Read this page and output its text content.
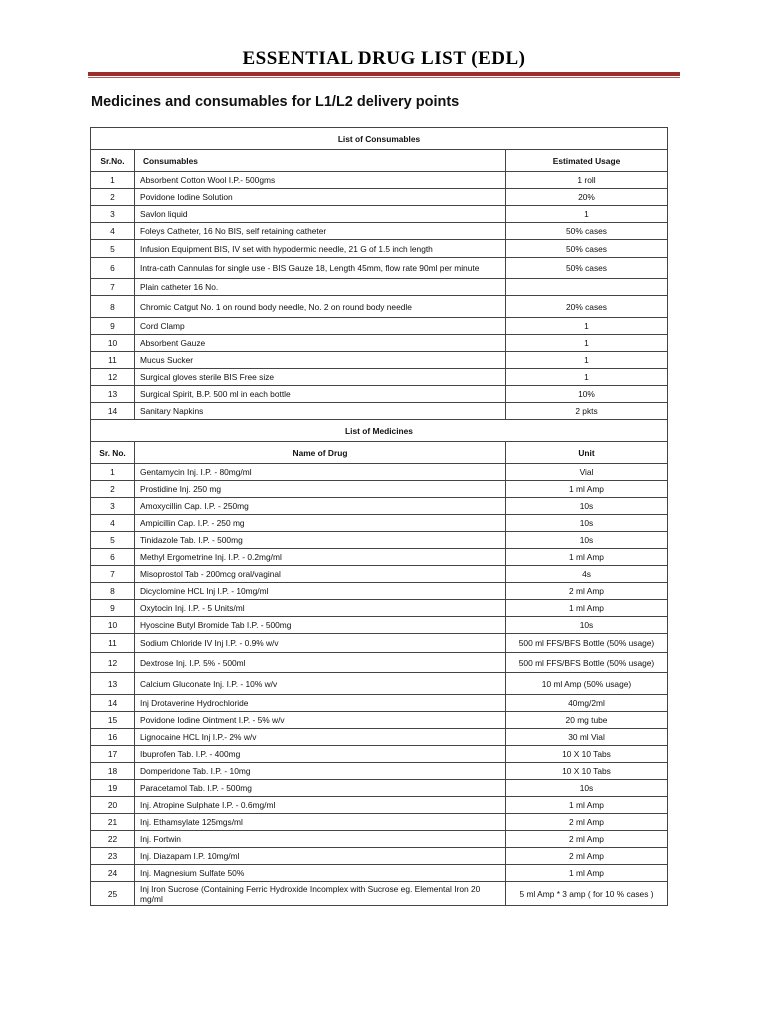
ESSENTIAL DRUG LIST (EDL)
Medicines and consumables for L1/L2 delivery points
List of Consumables		
Sr.No.	Consumables	Estimated Usage
1	Absorbent Cotton Wool I.P.- 500gms	1 roll
2	Povidone Iodine Solution	20%
3	Savlon liquid	1
4	Foleys Catheter, 16 No BIS, self retaining catheter	50% cases
5	Infusion Equipment BIS, IV set with hypodermic needle, 21 G of 1.5 inch length	50% cases
6	Intra-cath Cannulas for single use - BIS Gauze 18, Length 45mm, flow rate 90ml per minute	50% cases
7	Plain catheter 16 No.	
8	Chromic Catgut No. 1 on round body needle, No. 2 on round body needle	20% cases
9	Cord Clamp	1
10	Absorbent Gauze	1
11	Mucus Sucker	1
12	Surgical gloves sterile BIS Free size	1
13	Surgical Spirit, B.P. 500 ml in each bottle	10%
14	Sanitary Napkins	2 pkts
List of Medicines		
Sr. No.	Name of Drug	Unit
1	Gentamycin Inj. I.P. - 80mg/ml	Vial
2	Prostidine Inj. 250 mg	1 ml Amp
3	Amoxycillin Cap. I.P. - 250mg	10s
4	Ampicillin Cap. I.P. - 250 mg	10s
5	Tinidazole Tab. I.P. - 500mg	10s
6	Methyl Ergometrine Inj. I.P. - 0.2mg/ml	1 ml Amp
7	Misoprostol Tab - 200mcg oral/vaginal	4s
8	Dicyclomine HCL Inj I.P. - 10mg/ml	2 ml Amp
9	Oxytocin Inj. I.P. - 5 Units/ml	1 ml Amp
10	Hyoscine Butyl Bromide Tab I.P. - 500mg	10s
11	Sodium Chloride IV Inj I.P. - 0.9% w/v	500 ml FFS/BFS Bottle (50% usage)
12	Dextrose Inj. I.P. 5% - 500ml	500 ml FFS/BFS Bottle (50% usage)
13	Calcium Gluconate Inj. I.P. - 10% w/v	10 ml Amp (50% usage)
14	Inj Drotaverine Hydrochloride	40mg/2ml
15	Povidone Iodine Ointment I.P. - 5% w/v	20 mg tube
16	Lignocaine HCL Inj I.P.- 2% w/v	30 ml Vial
17	Ibuprofen Tab. I.P. - 400mg	10 X 10 Tabs
18	Domperidone Tab. I.P. - 10mg	10 X 10 Tabs
19	Paracetamol Tab. I.P. - 500mg	10s
20	Inj. Atropine Sulphate I.P. - 0.6mg/ml	1 ml Amp
21	Inj. Ethamsylate 125mgs/ml	2 ml Amp
22	Inj. Fortwin	2 ml Amp
23	Inj. Diazapam I.P. 10mg/ml	2 ml Amp
24	Inj. Magnesium Sulfate 50%	1 ml Amp
25	Inj Iron Sucrose (Containing Ferric Hydroxide Incomplex with Sucrose eg. Elemental Iron 20 mg/ml	5 ml Amp * 3 amp ( for 10 % cases )
